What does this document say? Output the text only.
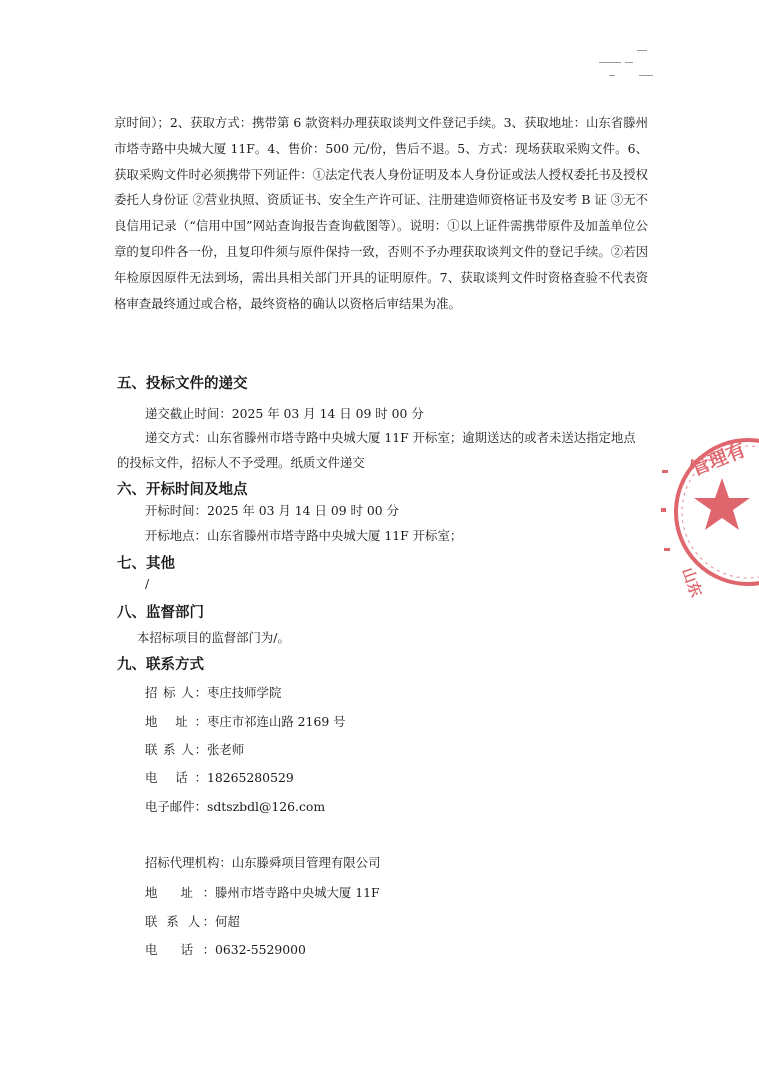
京时间）；2、获取方式：携带第 6 款资料办理获取谈判文件登记手续。3、获取地址：山东省滕州市塔寺路中央城大厦 11F。4、售价：500 元/份，售后不退。5、方式：现场获取采购文件。6、获取采购文件时必须携带下列证件：①法定代表人身份证明及本人身份证或法人授权委托书及授权委托人身份证 ②营业执照、资质证书、安全生产许可证、注册建造师资格证书及安考 B 证 ③无不良信用记录（“信用中国”网站查询报告查询截图等）。说明：①以上证件需携带原件及加盖单位公章的复印件各一份，且复印件须与原件保持一致，否则不予办理获取谈判文件的登记手续。②若因年检原因原件无法到场，需出具相关部门开具的证明原件。7、获取谈判文件时资格查验不代表资格审查最终通过或合格，最终资格的确认以资格后审结果为准。

五、投标文件的递交

递交截止时间：2025 年 03 月 14 日 09 时 00 分

递交方式：山东省滕州市塔寺路中央城大厦 11F 开标室；逾期送达的或者未送达指定地点的投标文件，招标人不予受理。纸质文件递交

六、开标时间及地点

开标时间：2025 年 03 月 14 日 09 时 00 分

开标地点：山东省滕州市塔寺路中央城大厦 11F 开标室；

七、其他

/

八、监督部门

本招标项目的监督部门为/。

九、联系方式

招 标 人：枣庄技师学院
地 址：枣庄市祁连山路 2169 号
联 系 人：张老师
电 话：18265280529
电子邮件：sdtszbdl@126.com
招标代理机构：山东滕舜项目管理有限公司
地 址：滕州市塔寺路中央城大厦 11F
联 系 人：何超
电 话：0632-5529000
管理有
山东
